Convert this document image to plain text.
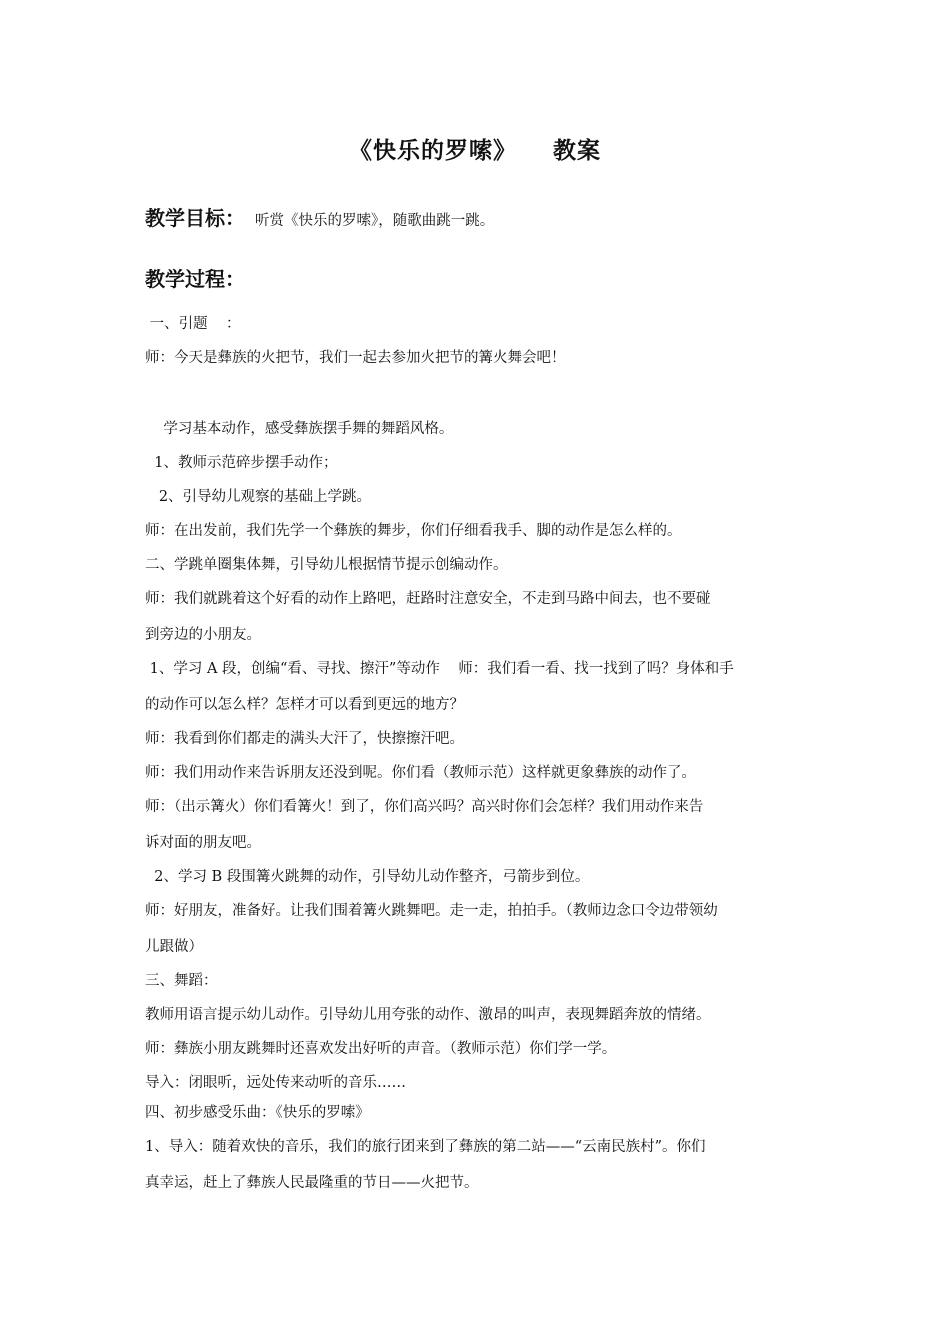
《快乐的罗嗦》    教案
教学目标： 听赏《快乐的罗嗦》，随歌曲跳一跳。
教学过程：
一、引题    ：
师：今天是彝族的火把节，我们一起去参加火把节的篝火舞会吧！
学习基本动作，感受彝族摆手舞的舞蹈风格。
1、教师示范碎步摆手动作；
2、引导幼儿观察的基础上学跳。
师：在出发前，我们先学一个彝族的舞步，你们仔细看我手、脚的动作是怎么样的。
二、学跳单圈集体舞，引导幼儿根据情节提示创编动作。
师：我们就跳着这个好看的动作上路吧，赶路时注意安全，不走到马路中间去，也不要碰
到旁边的小朋友。
1、学习 A 段，创编“看、寻找、擦汗”等动作    师：我们看一看、找一找到了吗？身体和手
的动作可以怎么样？怎样才可以看到更远的地方？
师：我看到你们都走的满头大汗了，快擦擦汗吧。
师：我们用动作来告诉朋友还没到呢。你们看（教师示范）这样就更象彝族的动作了。
师：（出示篝火）你们看篝火！到了，你们高兴吗？高兴时你们会怎样？我们用动作来告
诉对面的朋友吧。
2、学习 B 段围篝火跳舞的动作，引导幼儿动作整齐，弓箭步到位。
师：好朋友，准备好。让我们围着篝火跳舞吧。走一走，拍拍手。（教师边念口令边带领幼
儿跟做）
三、舞蹈：
教师用语言提示幼儿动作。引导幼儿用夸张的动作、激昂的叫声，表现舞蹈奔放的情绪。
师：彝族小朋友跳舞时还喜欢发出好听的声音。（教师示范）你们学一学。
导入：闭眼听，远处传来动听的音乐……
四、初步感受乐曲：《快乐的罗嗦》
1、导入：随着欢快的音乐，我们的旅行团来到了彝族的第二站——“云南民族村”。你们
真幸运，赶上了彝族人民最隆重的节日——火把节。
